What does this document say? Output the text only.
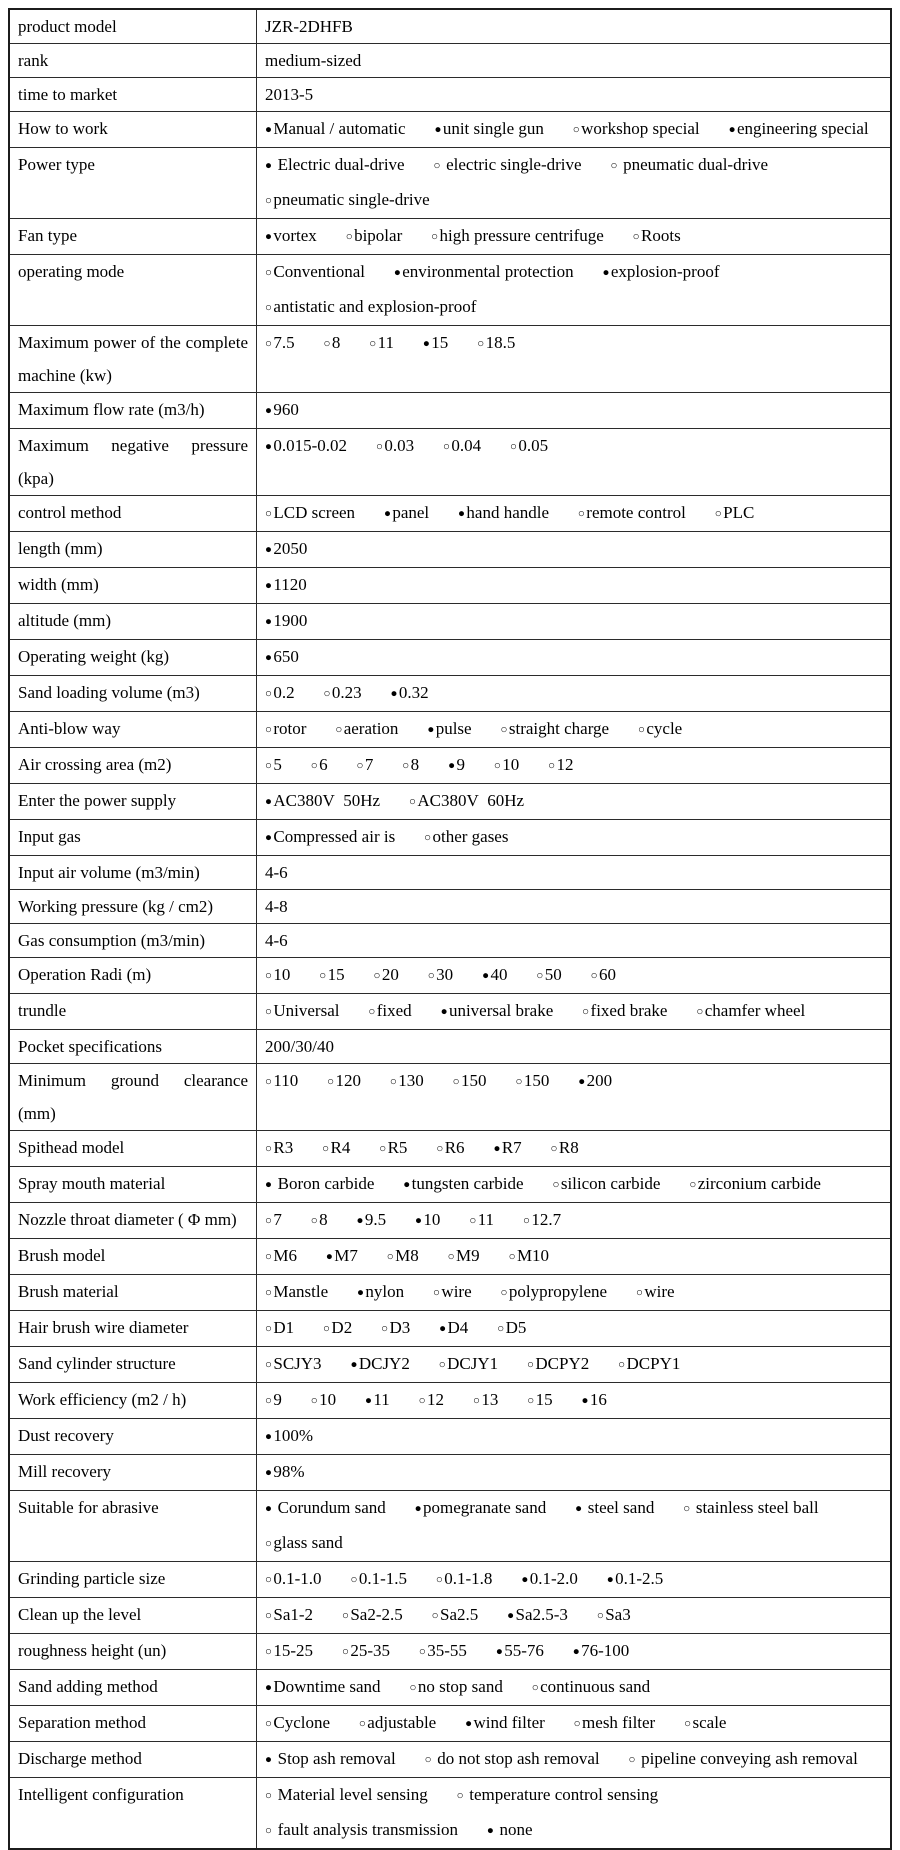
product model	JZR-2DHFB
rank	medium-sized
time to market	2013-5
How to work	●Manual / automatic ●unit single gun ○workshop special ●engineering special
Power type	● Electric dual-drive ○ electric single-drive ○ pneumatic dual-drive○pneumatic single-drive
Fan type	●vortex ○bipolar ○high pressure centrifuge ○Roots
operating mode	○Conventional ●environmental protection ●explosion-proof○antistatic and explosion-proof
Maximum power of the complete machine (kw)	○7.5 ○8 ○11 ●15 ○18.5
Maximum flow rate (m3/h)	●960
Maximum negative pressure (kpa)	●0.015-0.02 ○0.03 ○0.04 ○0.05
control method	○LCD screen ●panel ●hand handle ○remote control ○PLC
length (mm)	●2050
width (mm)	●1120
altitude (mm)	●1900
Operating weight (kg)	●650
Sand loading volume (m3)	○0.2 ○0.23 ●0.32
Anti-blow way	○rotor ○aeration ●pulse ○straight charge ○cycle
Air crossing area (m2)	○5 ○6 ○7 ○8 ●9 ○10 ○12
Enter the power supply	●AC380V  50Hz ○AC380V  60Hz
Input gas	●Compressed air is ○other gases
Input air volume (m3/min)	4-6
Working pressure (kg / cm2)	4-8
Gas consumption (m3/min)	4-6
Operation Radi (m)	○10 ○15 ○20 ○30 ●40 ○50 ○60
trundle	○Universal ○fixed ●universal brake ○fixed brake ○chamfer wheel
Pocket specifications	200/30/40
Minimum ground clearance (mm)	○110 ○120 ○130 ○150 ○150 ●200
Spithead model	○R3 ○R4 ○R5 ○R6 ●R7 ○R8
Spray mouth material	● Boron carbide ●tungsten carbide ○silicon carbide ○zirconium carbide
Nozzle throat diameter ( Φ mm)	○7 ○8 ●9.5 ●10 ○11 ○12.7
Brush model	○M6 ●M7 ○M8 ○M9 ○M10
Brush material	○Manstle ●nylon ○wire ○polypropylene ○wire
Hair brush wire diameter	○D1 ○D2 ○D3 ●D4 ○D5
Sand cylinder structure	○SCJY3 ●DCJY2 ○DCJY1 ○DCPY2 ○DCPY1
Work efficiency (m2 / h)	○9 ○10 ●11 ○12 ○13 ○15 ●16
Dust recovery	●100%
Mill recovery	●98%
Suitable for abrasive	● Corundum sand ●pomegranate sand ● steel sand ○ stainless steel ball○glass sand
Grinding particle size	○0.1-1.0 ○0.1-1.5 ○0.1-1.8 ●0.1-2.0 ●0.1-2.5
Clean up the level	○Sa1-2 ○Sa2-2.5 ○Sa2.5 ●Sa2.5-3 ○Sa3
roughness height (un)	○15-25 ○25-35 ○35-55 ●55-76 ●76-100
Sand adding method	●Downtime sand ○no stop sand ○continuous sand
Separation method	○Cyclone ○adjustable ●wind filter ○mesh filter ○scale
Discharge method	● Stop ash removal ○ do not stop ash removal ○ pipeline conveying ash removal
Intelligent configuration	○ Material level sensing ○ temperature control sensing○ fault analysis transmission ● none
